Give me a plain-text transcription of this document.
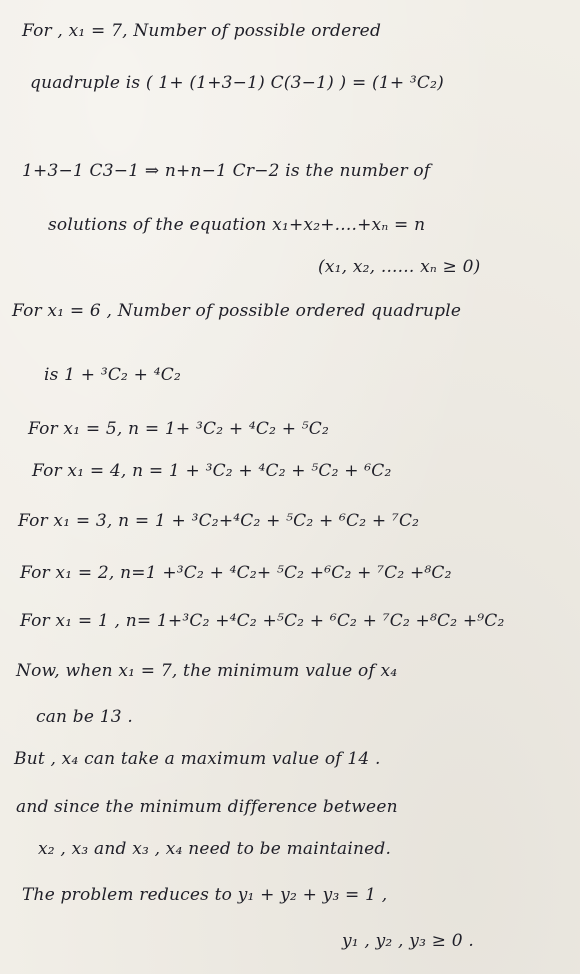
For , x₁ = 7, Number of possible ordered
quadruple is ( 1+ (1+3−1) C(3−1) ) = (1+ ³C₂)
1+3−1 C3−1 ⇒ n+n−1 Cr−2 is the number of
solutions of the equation x₁+x₂+....+xₙ = n
(x₁, x₂, ...... xₙ ≥ 0)
For x₁ = 6 , Number of possible ordered quadruple
is 1 + ³C₂ + ⁴C₂
For x₁ = 5, n = 1+ ³C₂ + ⁴C₂ + ⁵C₂
For x₁ = 4, n = 1 + ³C₂ + ⁴C₂ + ⁵C₂ + ⁶C₂
For x₁ = 3, n = 1 + ³C₂+⁴C₂ + ⁵C₂ + ⁶C₂ + ⁷C₂
For x₁ = 2, n=1 +³C₂ + ⁴C₂+ ⁵C₂ +⁶C₂ + ⁷C₂ +⁸C₂
For x₁ = 1 , n= 1+³C₂ +⁴C₂ +⁵C₂ + ⁶C₂ + ⁷C₂ +⁸C₂ +⁹C₂
Now, when x₁ = 7, the minimum value of x₄
can be 13 .
But , x₄ can take a maximum value of 14 .
and since the minimum difference between
x₂ , x₃ and x₃ , x₄ need to be maintained.
The problem reduces to y₁ + y₂ + y₃ = 1 ,
y₁ , y₂ , y₃ ≥ 0 .
